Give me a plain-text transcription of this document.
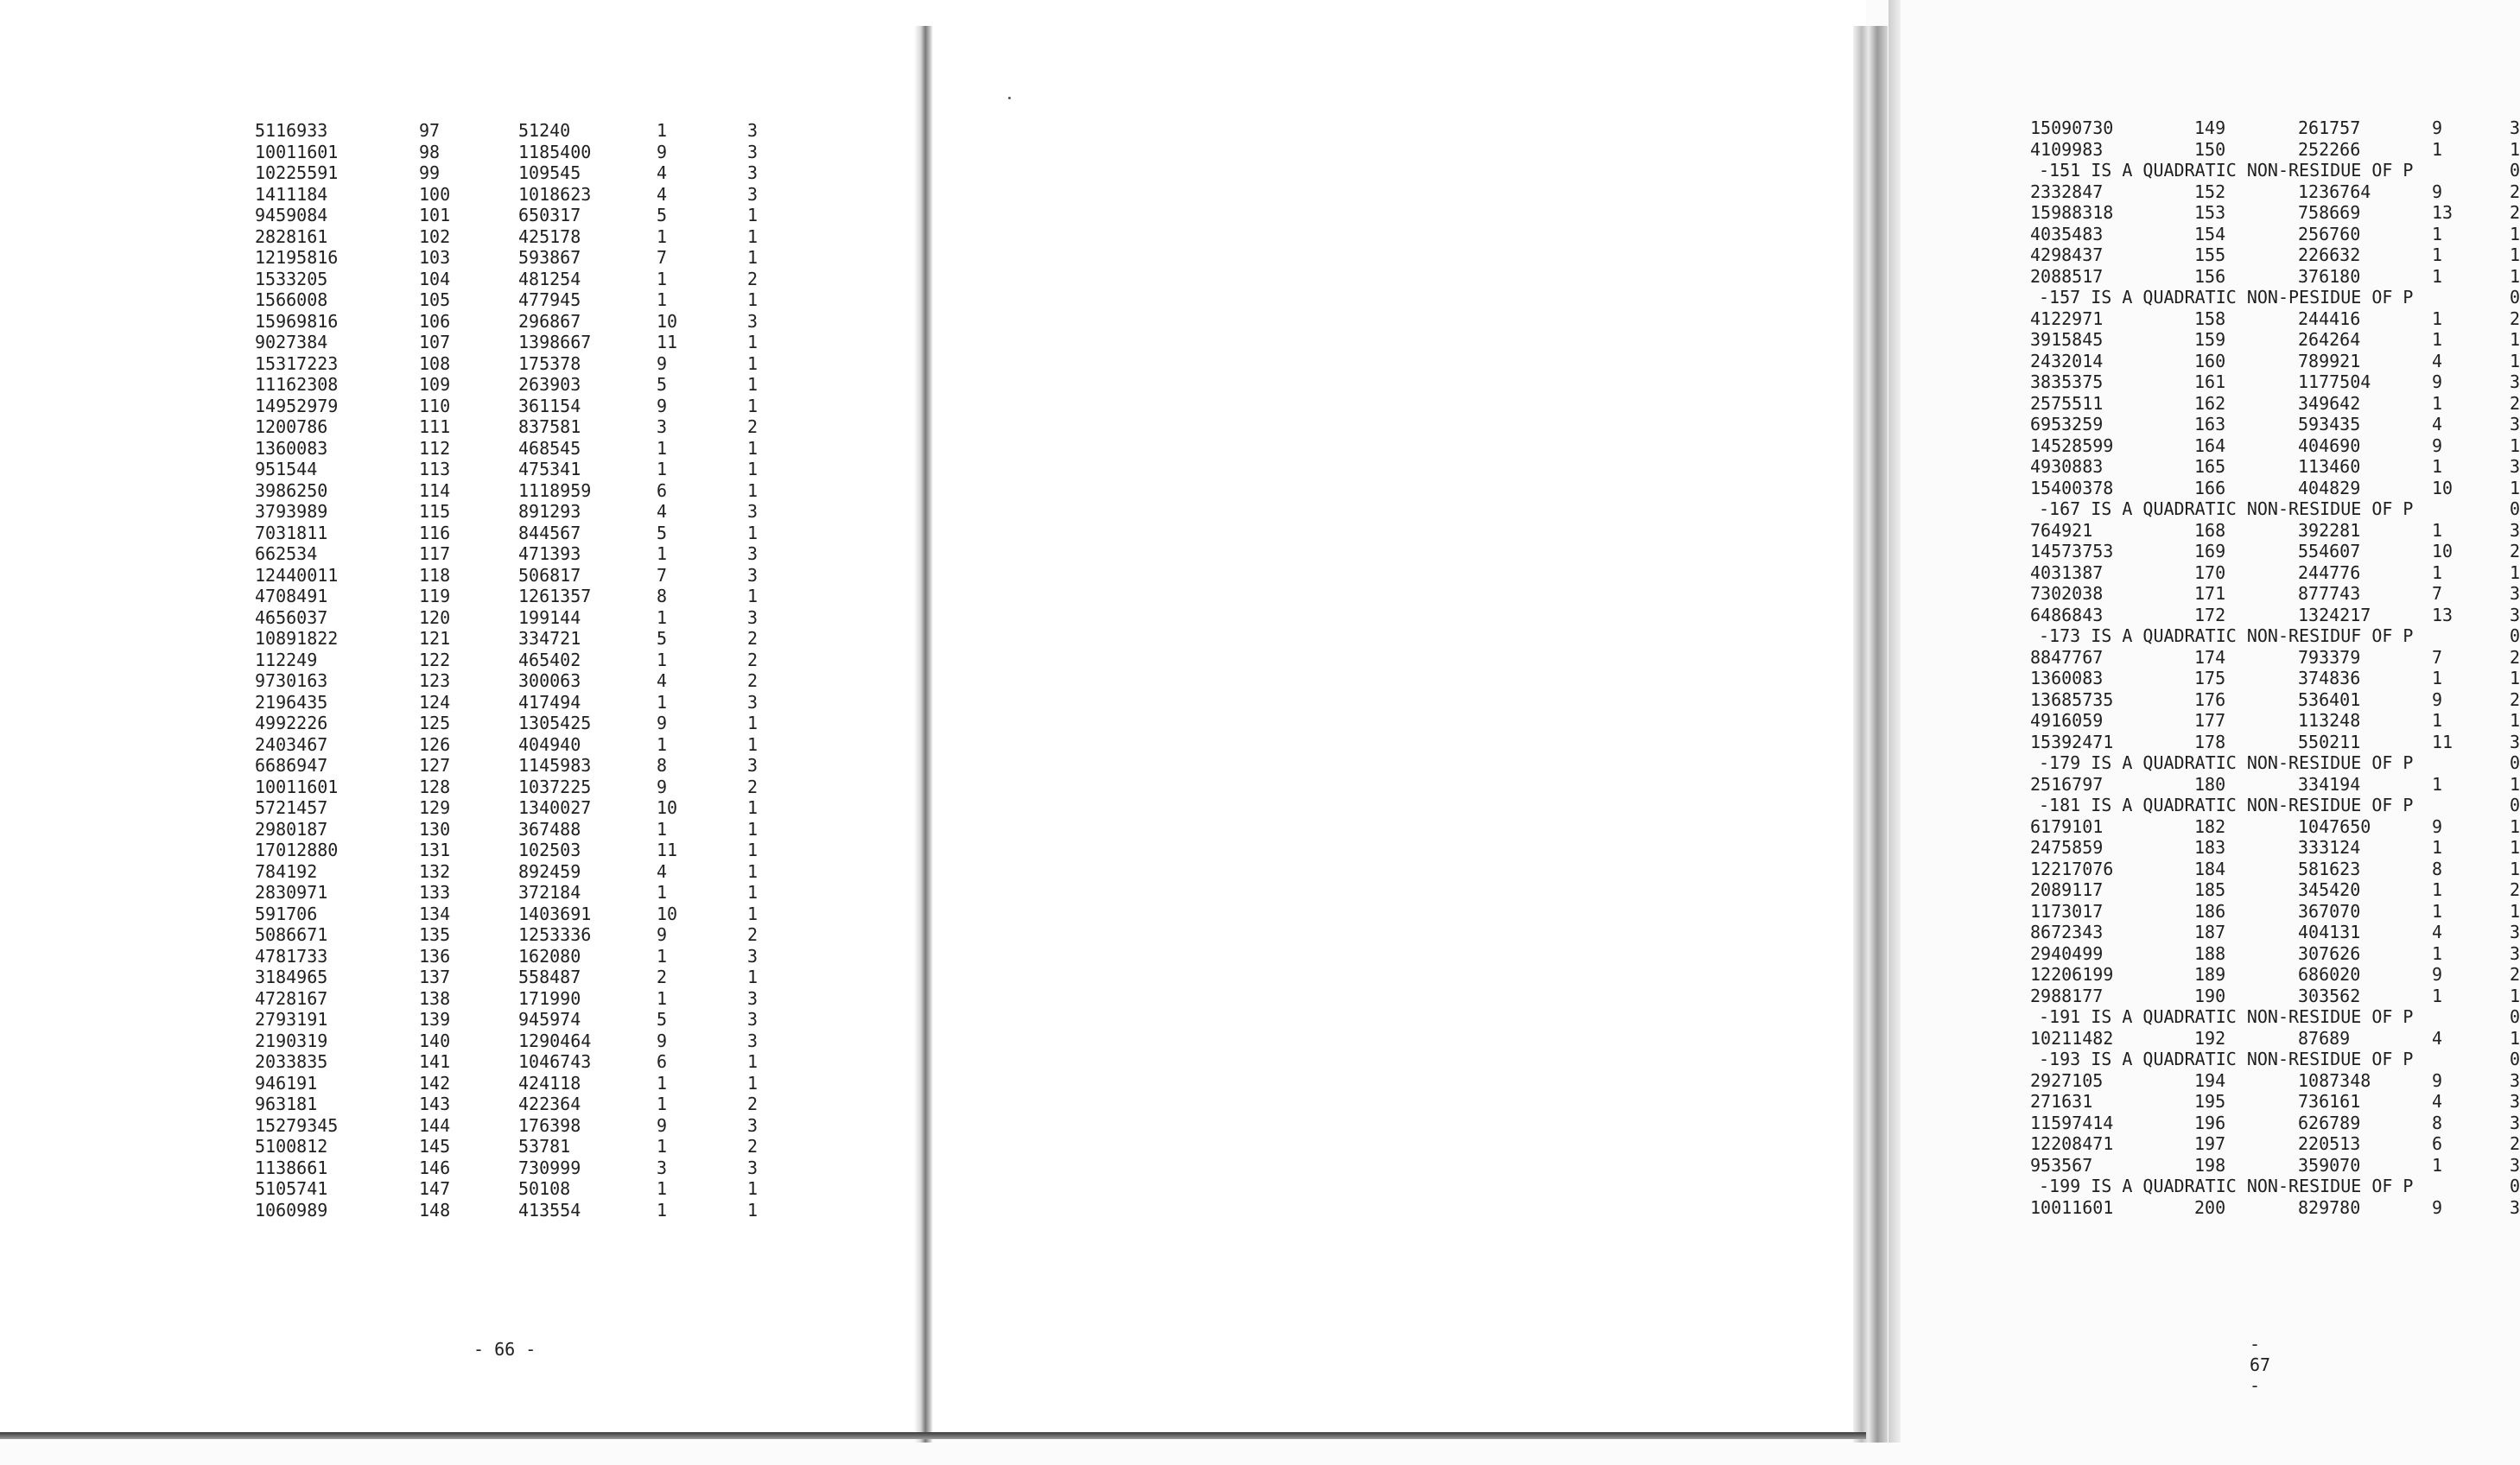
5116933	97	51240	1	3
10011601	98	1185400	9	3
10225591	99	109545	4	3
1411184	100	1018623	4	3
9459084	101	650317	5	1
2828161	102	425178	1	1
12195816	103	593867	7	1
1533205	104	481254	1	2
1566008	105	477945	1	1
15969816	106	296867	10	3
9027384	107	1398667	11	1
15317223	108	175378	9	1
11162308	109	263903	5	1
14952979	110	361154	9	1
1200786	111	837581	3	2
1360083	112	468545	1	1
951544	113	475341	1	1
3986250	114	1118959	6	1
3793989	115	891293	4	3
7031811	116	844567	5	1
662534	117	471393	1	3
12440011	118	506817	7	3
4708491	119	1261357	8	1
4656037	120	199144	1	3
10891822	121	334721	5	2
112249	122	465402	1	2
9730163	123	300063	4	2
2196435	124	417494	1	3
4992226	125	1305425	9	1
2403467	126	404940	1	1
6686947	127	1145983	8	3
10011601	128	1037225	9	2
5721457	129	1340027	10	1
2980187	130	367488	1	1
17012880	131	102503	11	1
784192	132	892459	4	1
2830971	133	372184	1	1
591706	134	1403691	10	1
5086671	135	1253336	9	2
4781733	136	162080	1	3
3184965	137	558487	2	1
4728167	138	171990	1	3
2793191	139	945974	5	3
2190319	140	1290464	9	3
2033835	141	1046743	6	1
946191	142	424118	1	1
963181	143	422364	1	2
15279345	144	176398	9	3
5100812	145	53781	1	2
1138661	146	730999	3	3
5105741	147	50108	1	1
1060989	148	413554	1	1
- 66 -
15090730	149	261757	9	3
4109983	150	252266	1	1
-151 IS A QUADRATIC NON-RESIDUE OF P	0
2332847	152	1236764	9	2
15988318	153	758669	13	2
4035483	154	256760	1	1
4298437	155	226632	1	1
2088517	156	376180	1	1
-157 IS A QUADRATIC NON-PESIDUE OF P	0
4122971	158	244416	1	2
3915845	159	264264	1	1
2432014	160	789921	4	1
3835375	161	1177504	9	3
2575511	162	349642	1	2
6953259	163	593435	4	3
14528599	164	404690	9	1
4930883	165	113460	1	3
15400378	166	404829	10	1
-167 IS A QUADRATIC NON-RESIDUE OF P	0
764921	168	392281	1	3
14573753	169	554607	10	2
4031387	170	244776	1	1
7302038	171	877743	7	3
6486843	172	1324217	13	3
-173 IS A QUADRATIC NON-RESIDUF OF P	0
8847767	174	793379	7	2
1360083	175	374836	1	1
13685735	176	536401	9	2
4916059	177	113248	1	1
15392471	178	550211	11	3
-179 IS A QUADRATIC NON-RESIDUE OF P	0
2516797	180	334194	1	1
-181 IS A QUADRATIC NON-RESIDUE OF P	0
6179101	182	1047650	9	1
2475859	183	333124	1	1
12217076	184	581623	8	1
2089117	185	345420	1	2
1173017	186	367070	1	1
8672343	187	404131	4	3
2940499	188	307626	1	3
12206199	189	686020	9	2
2988177	190	303562	1	1
-191 IS A QUADRATIC NON-RESIDUE OF P	0
10211482	192	87689	4	1
-193 IS A QUADRATIC NON-RESIDUE OF P	0
2927105	194	1087348	9	3
271631	195	736161	4	3
11597414	196	626789	8	3
12208471	197	220513	6	2
953567	198	359070	1	3
-199 IS A QUADRATIC NON-RESIDUE OF P	0
10011601	200	829780	9	3
- 67 -
